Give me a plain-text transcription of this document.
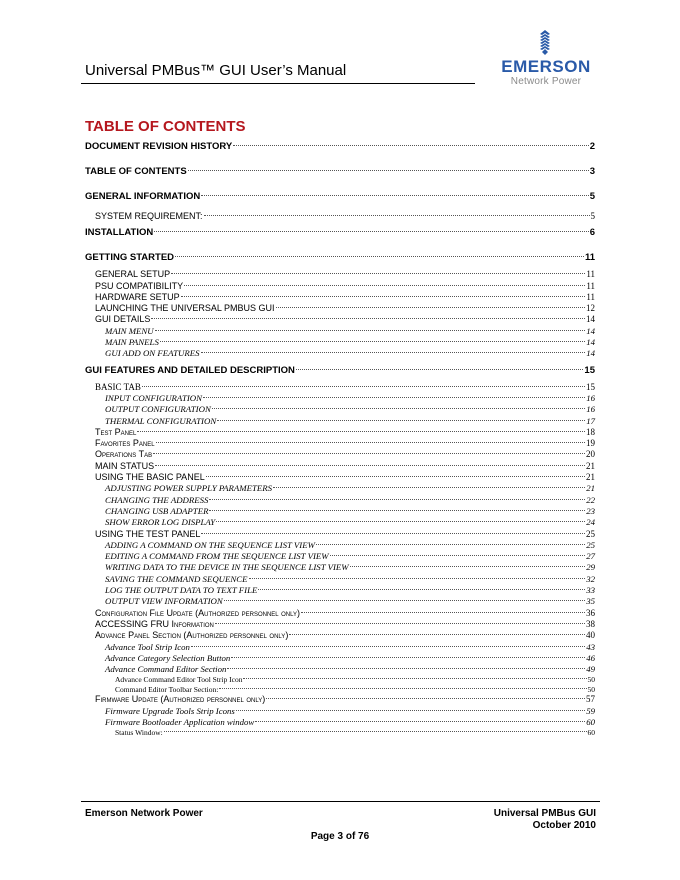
Universal PMBus™ GUI User’s Manual	EMERSON
Network Power
TABLE OF CONTENTS
DOCUMENT REVISION HISTORY	2
TABLE OF CONTENTS	3
GENERAL INFORMATION	5
SYSTEM REQUIREMENT:	5
INSTALLATION	6
GETTING STARTED	11
GENERAL SETUP	11
PSU COMPATIBILITY	11
HARDWARE SETUP	11
LAUNCHING THE UNIVERSAL PMBUS GUI	12
GUI DETAILS	14
MAIN MENU	14
MAIN PANELS	14
GUI ADD ON FEATURES	14
GUI FEATURES AND DETAILED DESCRIPTION	15
BASIC TAB	15
INPUT CONFIGURATION	16
OUTPUT CONFIGURATION	16
THERMAL CONFIGURATION	17
Test Panel	18
Favorites Panel	19
Operations Tab	20
MAIN STATUS	21
USING THE BASIC PANEL	21
ADJUSTING POWER SUPPLY PARAMETERS	21
CHANGING THE ADDRESS	22
CHANGING USB ADAPTER	23
SHOW ERROR LOG DISPLAY	24
USING THE TEST PANEL	25
ADDING A COMMAND ON THE SEQUENCE LIST VIEW	25
EDITING A COMMAND FROM THE SEQUENCE LIST VIEW	27
WRITING DATA TO THE DEVICE IN THE SEQUENCE LIST VIEW	29
SAVING THE COMMAND SEQUENCE	32
LOG THE OUTPUT DATA TO TEXT FILE	33
OUTPUT VIEW INFORMATION	35
Configuration File Update (Authorized personnel only)	36
ACCESSING FRU Information	38
Advance Panel Section (Authorized personnel only)	40
Advance Tool Strip Icon	43
Advance Category Selection Button	46
Advance Command Editor Section	49
Advance Command Editor Tool Strip Icon	50
Command Editor Toolbar Section:	50
Firmware Update (Authorized personnel only)	57
Firmware Upgrade Tools Strip Icons	59
Firmware Bootloader Application window	60
Status Window:	60
Emerson Network Power	Universal PMBus GUI
October 2010
Page 3 of 76
